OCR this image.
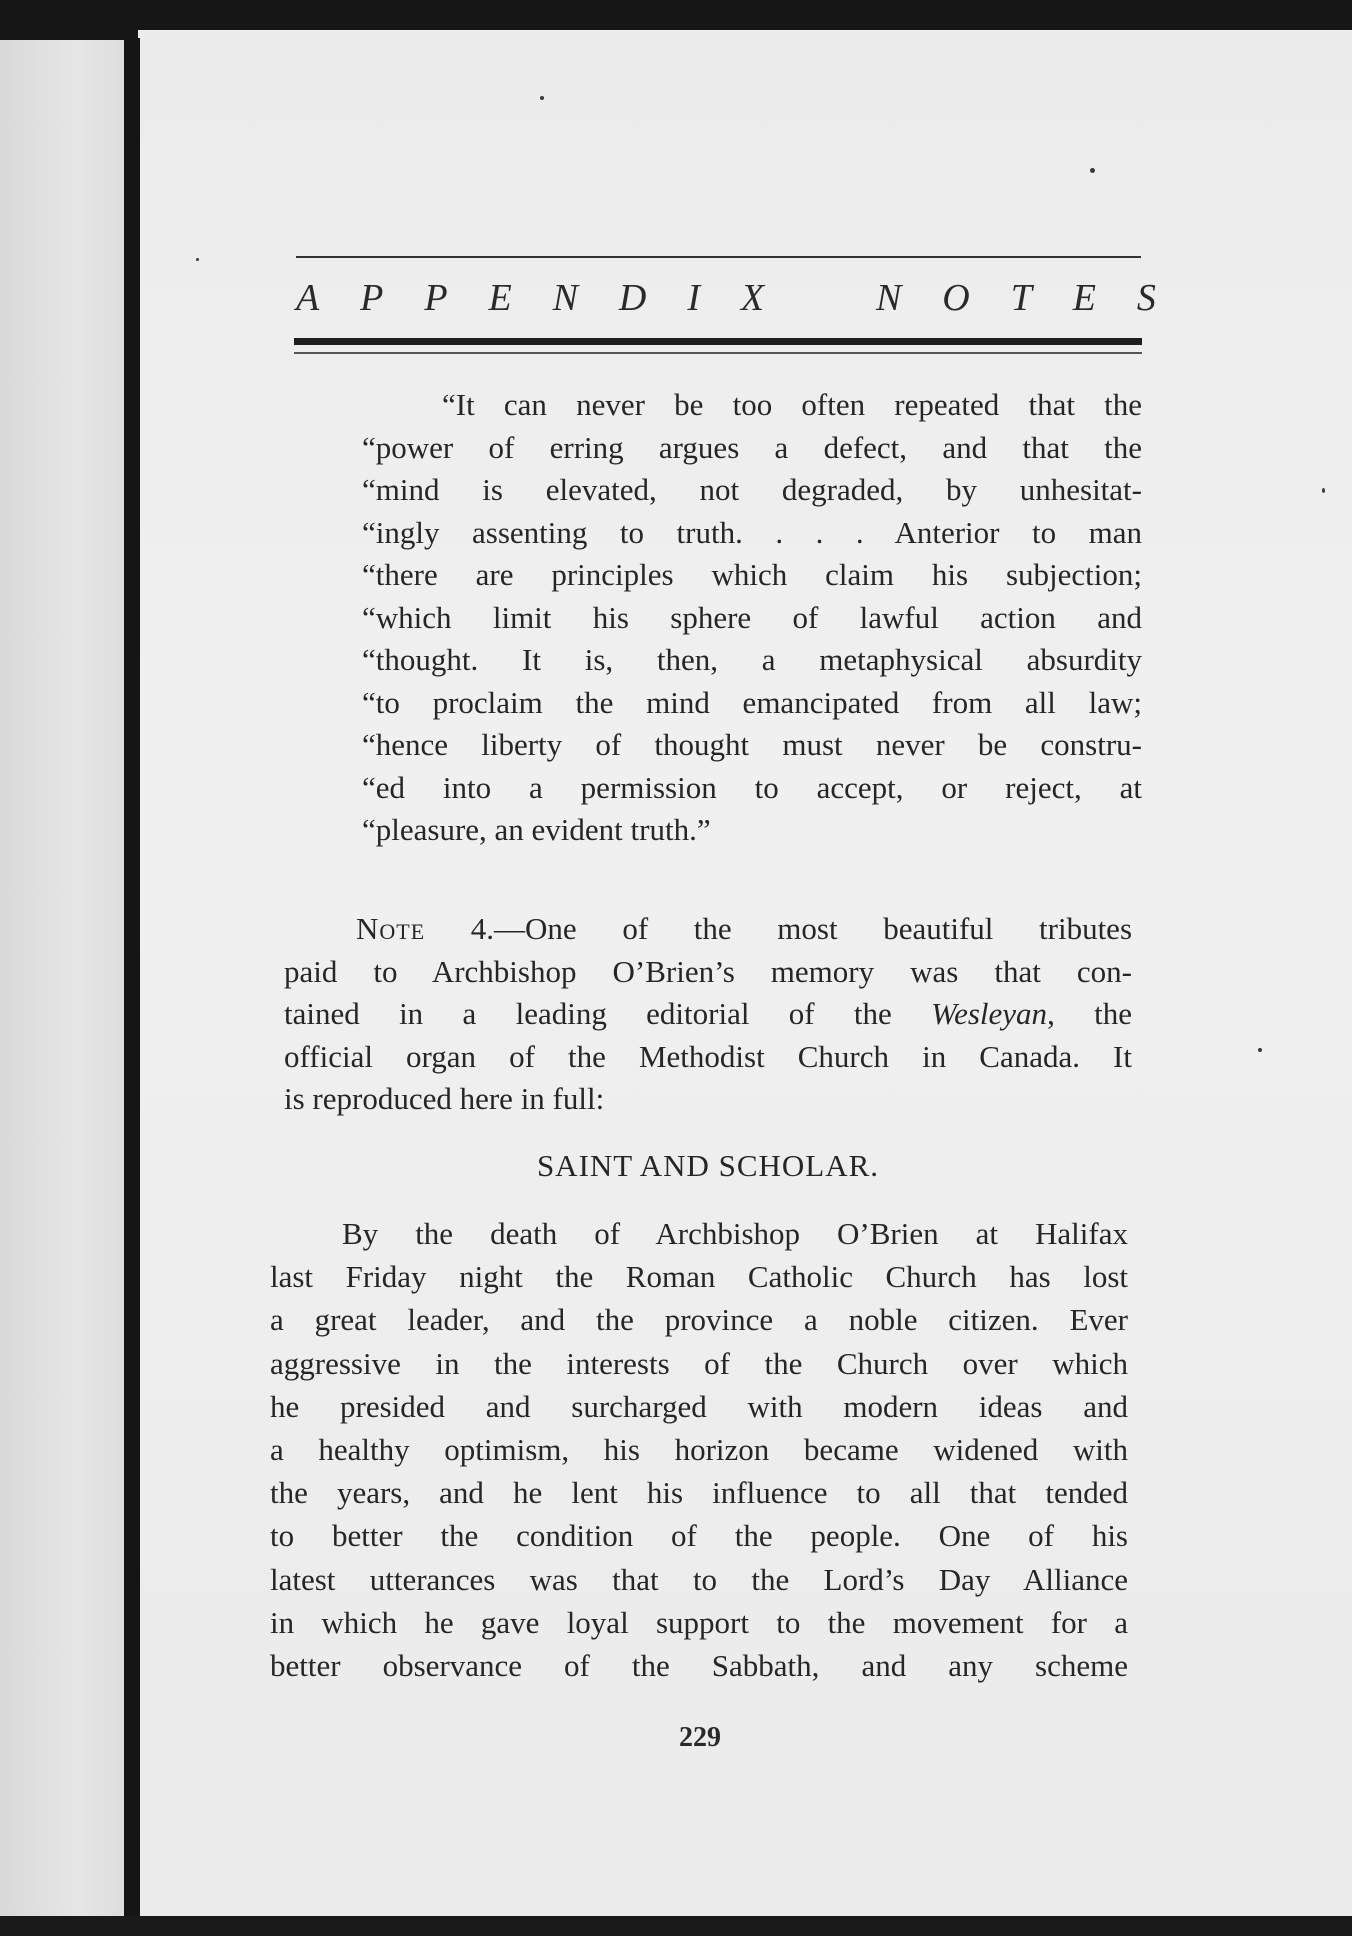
A P P E N D I X	N O T E S
“It can never be too often repeated that the
“power of erring argues a defect, and that the
“mind is elevated, not degraded, by unhesitat-
“ingly assenting to truth. . . . Anterior to man
“there are principles which claim his subjection;
“which limit his sphere of lawful action and
“thought. It is, then, a metaphysical absurdity
“to proclaim the mind emancipated from all law;
“hence liberty of thought must never be constru-
“ed into a permission to accept, or reject, at
“pleasure, an evident truth.”
Note 4.—One of the most beautiful tributes
paid to Archbishop O’Brien’s memory was that con-
tained in a leading editorial of the Wesleyan, the
official organ of the Methodist Church in Canada. It
is reproduced here in full:
SAINT AND SCHOLAR.
By the death of Archbishop O’Brien at Halifax
last Friday night the Roman Catholic Church has lost
a great leader, and the province a noble citizen. Ever
aggressive in the interests of the Church over which
he presided and surcharged with modern ideas and
a healthy optimism, his horizon became widened with
the years, and he lent his influence to all that tended
to better the condition of the people. One of his
latest utterances was that to the Lord’s Day Alliance
in which he gave loyal support to the movement for a
better observance of the Sabbath, and any scheme
229
